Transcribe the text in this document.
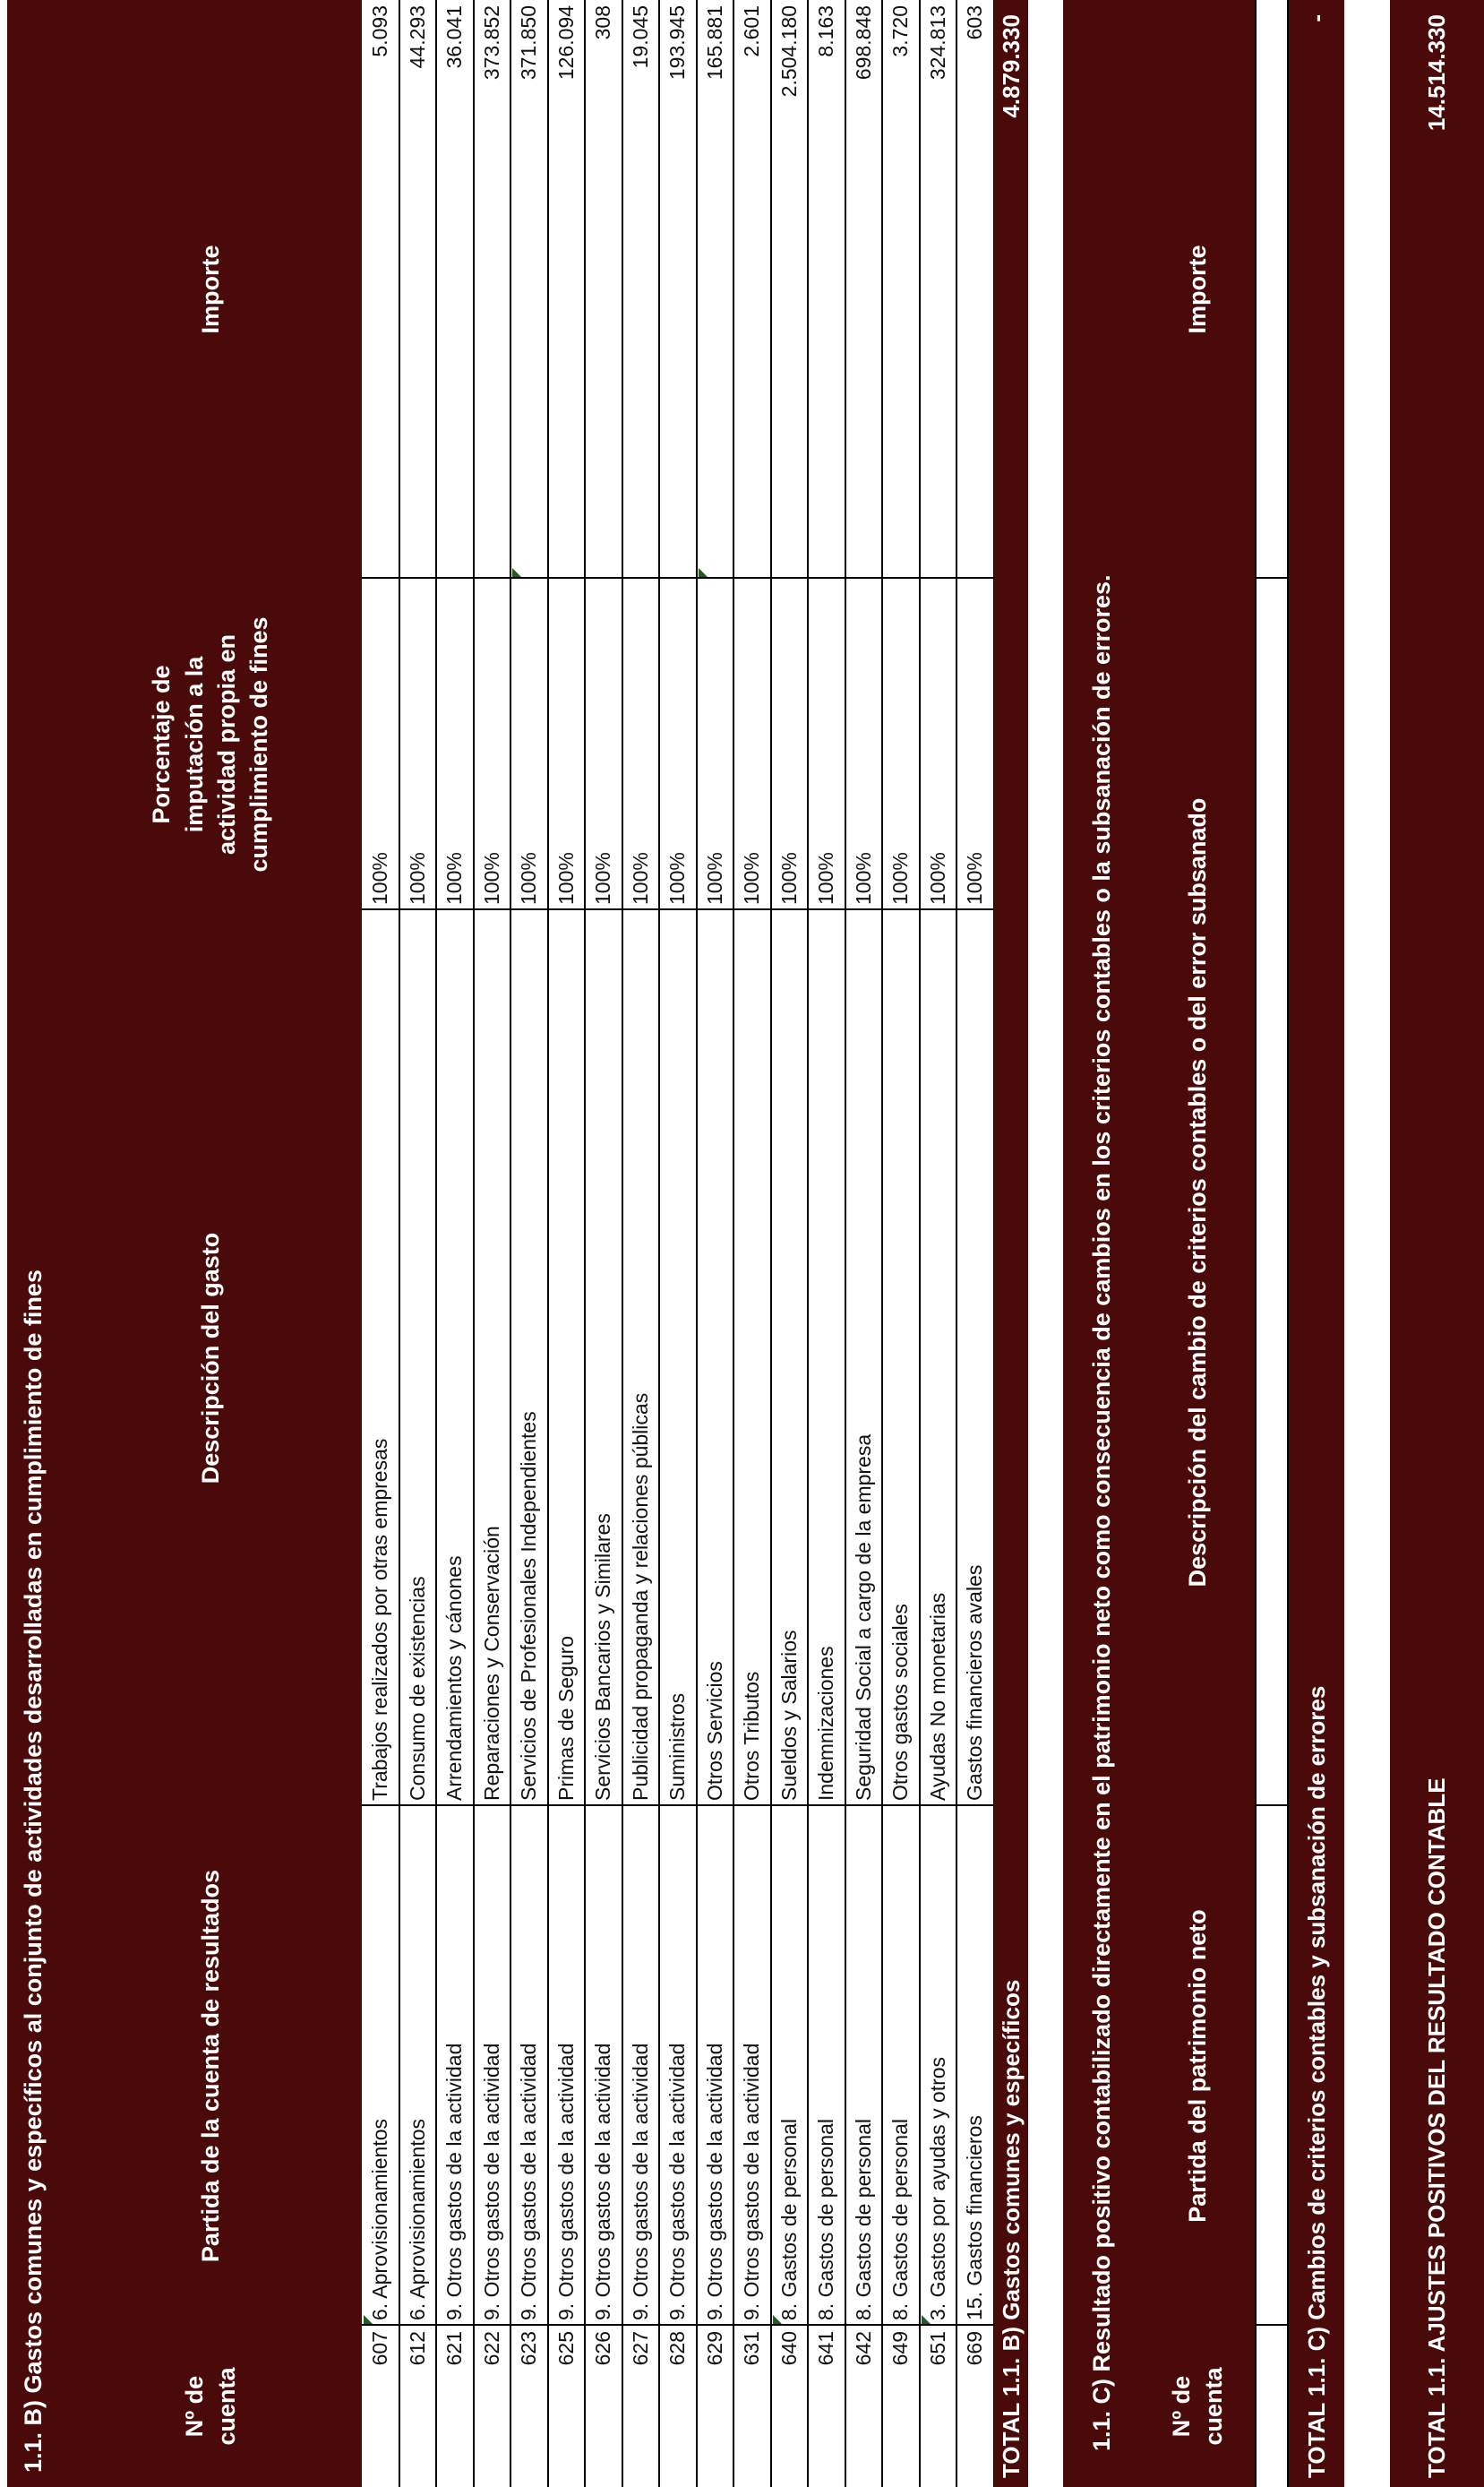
1.1. B) Gastos comunes y específicos al conjunto de actividades desarrolladas en cumplimiento de fines	Nº de cuenta
Partida de la cuenta de resultados
Descripción del gasto
Porcentaje de imputación a la actividad propia en cumplimiento de fines
Importe
607
6. Aprovisionamientos
Trabajos realizados por otras empresas
100%
5.093
612
6. Aprovisionamientos
Consumo de existencias
100%
44.293
621
9. Otros gastos de la actividad
Arrendamientos y cánones
100%
36.041
622
9. Otros gastos de la actividad
Reparaciones y Conservación
100%
373.852
623
9. Otros gastos de la actividad
Servicios de Profesionales Independientes
100%
371.850
625
9. Otros gastos de la actividad
Primas de Seguro
100%
126.094
626
9. Otros gastos de la actividad
Servicios Bancarios y Similares
100%
308
627
9. Otros gastos de la actividad
Publicidad propaganda y relaciones públicas
100%
19.045
628
9. Otros gastos de la actividad
Suministros
100%
193.945
629
9. Otros gastos de la actividad
Otros Servicios
100%
165.881
631
9. Otros gastos de la actividad
Otros Tributos
100%
2.601
640
8. Gastos de personal
Sueldos y Salarios
100%
2.504.180
641
8. Gastos de personal
Indemnizaciones
100%
8.163
642
8. Gastos de personal
Seguridad Social a cargo de la empresa
100%
698.848
649
8. Gastos de personal
Otros gastos sociales
100%
3.720
651
3. Gastos por ayudas y otros
Ayudas No monetarias
100%
324.813
669
15. Gastos financieros
Gastos financieros avales
100%
603
TOTAL 1.1. B) Gastos comunes y específicos
4.879.330
1.1. C) Resultado positivo contabilizado directamente en el patrimonio neto como consecuencia de cambios en los criterios contables o la subsanación de errores. Nº de cuenta
Partida del patrimonio neto
Descripción del cambio de criterios contables o del error subsanado
Importe
TOTAL 1.1. C) Cambios de criterios contables y subsanación de errores
-
TOTAL 1.1. AJUSTES POSITIVOS DEL RESULTADO CONTABLE
14.514.330
